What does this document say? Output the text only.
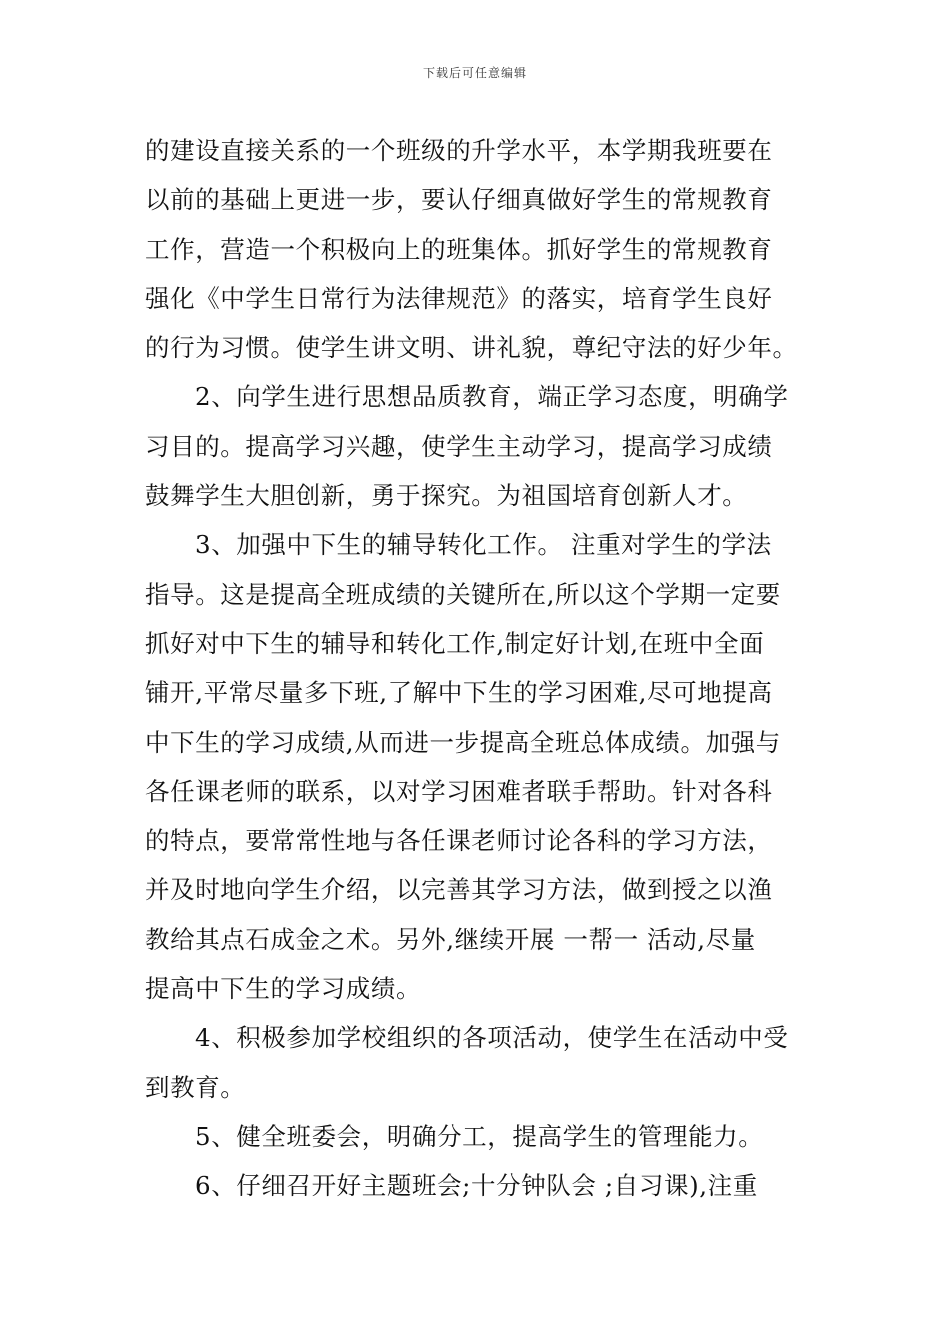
下载后可任意编辑
的建设直接关系的一个班级的升学水平，本学期我班要在
以前的基础上更进一步，要认仔细真做好学生的常规教育
工作，营造一个积极向上的班集体。抓好学生的常规教育
强化《中学生日常行为法律规范》的落实，培育学生良好
的行为习惯。使学生讲文明、讲礼貌，尊纪守法的好少年。
2、向学生进行思想品质教育，端正学习态度，明确学
习目的。提高学习兴趣，使学生主动学习，提高学习成绩
鼓舞学生大胆创新，勇于探究。为祖国培育创新人才。
3、加强中下生的辅导转化工作。 注重对学生的学法
指导。这是提高全班成绩的关键所在,所以这个学期一定要
抓好对中下生的辅导和转化工作,制定好计划,在班中全面
铺开,平常尽量多下班,了解中下生的学习困难,尽可地提高
中下生的学习成绩,从而进一步提高全班总体成绩。加强与
各任课老师的联系，以对学习困难者联手帮助。针对各科
的特点，要常常性地与各任课老师讨论各科的学习方法，
并及时地向学生介绍，以完善其学习方法，做到授之以渔
教给其点石成金之术。另外,继续开展 一帮一 活动,尽量
提高中下生的学习成绩。
4、积极参加学校组织的各项活动，使学生在活动中受
到教育。
5、健全班委会，明确分工，提高学生的管理能力。
6、仔细召开好主题班会;十分钟队会 ;自习课),注重
